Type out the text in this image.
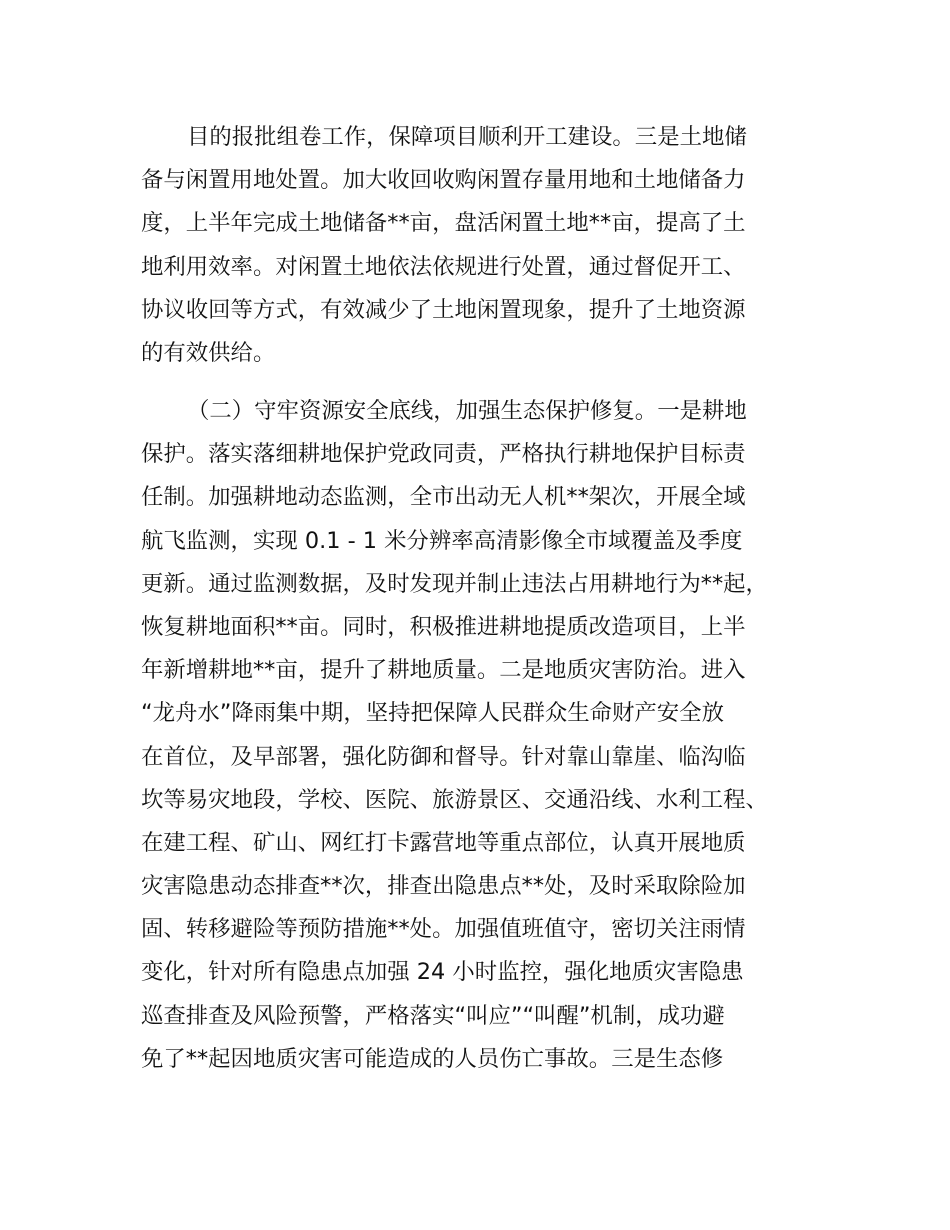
目的报批组卷工作，保障项目顺利开工建设。三是土地储
备与闲置用地处置。加大收回收购闲置存量用地和土地储备力
度，上半年完成土地储备**亩，盘活闲置土地**亩，提高了土
地利用效率。对闲置土地依法依规进行处置，通过督促开工、
协议收回等方式，有效减少了土地闲置现象，提升了土地资源
的有效供给。
（二）守牢资源安全底线，加强生态保护修复。一是耕地
保护。落实落细耕地保护党政同责，严格执行耕地保护目标责
任制。加强耕地动态监测，全市出动无人机**架次，开展全域
航飞监测，实现 0.1 - 1 米分辨率高清影像全市域覆盖及季度
更新。通过监测数据，及时发现并制止违法占用耕地行为**起，
恢复耕地面积**亩。同时，积极推进耕地提质改造项目，上半
年新增耕地**亩，提升了耕地质量。二是地质灾害防治。进入
“龙舟水”降雨集中期，坚持把保障人民群众生命财产安全放
在首位，及早部署，强化防御和督导。针对靠山靠崖、临沟临
坎等易灾地段，学校、医院、旅游景区、交通沿线、水利工程、
在建工程、矿山、网红打卡露营地等重点部位，认真开展地质
灾害隐患动态排查**次，排查出隐患点**处，及时采取除险加
固、转移避险等预防措施**处。加强值班值守，密切关注雨情
变化，针对所有隐患点加强 24 小时监控，强化地质灾害隐患
巡查排查及风险预警，严格落实“叫应”“叫醒”机制，成功避
免了**起因地质灾害可能造成的人员伤亡事故。三是生态修
